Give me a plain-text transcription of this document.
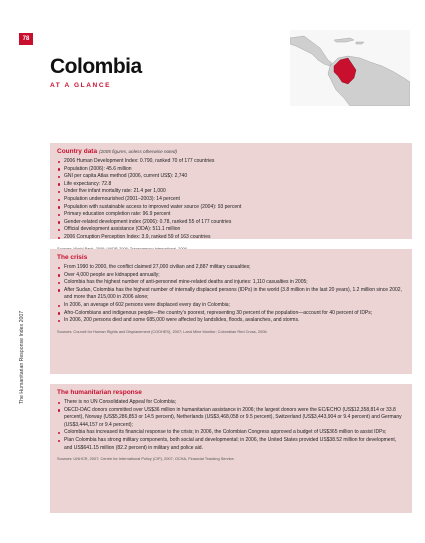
78
The Humanitarian Response Index 2007
Colombia
AT A GLANCE
Country data (2005 figures, unless otherwise noted)
2006 Human Development Index: 0.790, ranked 70 of 177 countries
Population (2006): 45.6 million
GNI per capita Atlas method (2006, current US$): 2,740
Life expectancy: 72.8
Under five infant mortality rate: 21.4 per 1,000
Population undernourished (2001–2003): 14 percent
Population with sustainable access to improved water source (2004): 93 percent
Primary education completion rate: 96.9 percent
Gender-related development index (2006): 0.78, ranked 55 of 177 countries
Official development assistance (ODA): 511.1 million
2006 Corruption Perception Index: 3.9, ranked 59 of 163 countries
The crisis
From 1990 to 2000, the conflict claimed 27,000 civilian and 2,887 military casualties;
Over 4,000 people are kidnapped annually;
Colombia has the highest number of anti-personnel mine-related deaths and injuries: 1,110 casualties in 2005;
After Sudan, Colombia has the highest number of internally displaced persons (IDPs) in the world (3.8 million in the last 20 years), 1.2 million since 2002, and more than 215,000 in 2006 alone;
In 2006, an average of 602 persons were displaced every day in Colombia;
Afro-Colombians and indigenous people—the country’s poorest, representing 30 percent of the population—account for 40 percent of IDPs;
In 2006, 200 persons died and some 685,000 were affected by landslides, floods, avalanches, and storms.
Sources: Council for Human Rights and Displacement (CODHES), 2007; Land Mine Monitor; Colombian Red Cross, 2006.
The humanitarian response
There is no UN Consolidated Appeal for Colombia;
OECD-DAC donors committed over US$36 million in humanitarian assistance in 2006; the largest donors were the EC/ECHO (US$12,358,814 or 33.8 percent), Norway (US$5,286,853 or 14.5 percent), Netherlands (US$3,468,058 or 9.5 percent), Switzerland (US$3,443,904 or 9.4 percent) and Germany (US$3,444,157 or 9.4 percent);
Colombia has increased its financial response to the crisis; in 2006, the Colombian Congress approved a budget of US$365 million to assist IDPs;
Plan Colombia has strong military components, both social and developmental; in 2006, the United States provided US$38.52 million for development, and US$641.15 million (82.2 percent) in military and police aid.
Sources: UNHCR, 2007; Centre for International Policy (CIP), 2007; OCHA, Financial Tracking Service.
